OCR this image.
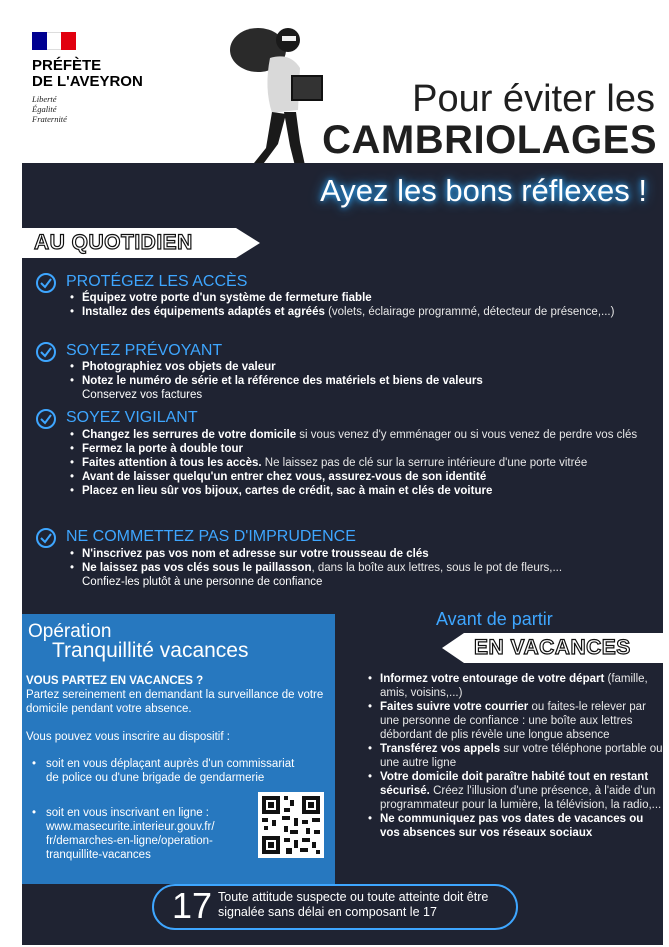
PRÉFÈTE
DE L'AVEYRON
Liberté
Égalité
Fraternité	Pour éviter les
CAMBRIOLAGES
Ayez les bons réflexes !
AU QUOTIDIEN
PROTÉGEZ LES ACCÈS
• Équipez votre porte d'un système de fermeture fiable
• Installez des équipements adaptés et agréés (volets, éclairage programmé, détecteur de présence,...)
SOYEZ PRÉVOYANT
• Photographiez vos objets de valeur
• Notez le numéro de série et la référence des matériels et biens de valeurs
Conservez vos factures
SOYEZ VIGILANT
• Changez les serrures de votre domicile si vous venez d'y emménager ou si vous venez de perdre vos clés
• Fermez la porte à double tour
• Faites attention à tous les accès. Ne laissez pas de clé sur la serrure intérieure d'une porte vitrée
• Avant de laisser quelqu'un entrer chez vous, assurez-vous de son identité
• Placez en lieu sûr vos bijoux, cartes de crédit, sac à main et clés de voiture
NE COMMETTEZ PAS D'IMPRUDENCE
• N'inscrivez pas vos nom et adresse sur votre trousseau de clés
• Ne laissez pas vos clés sous le paillasson, dans la boîte aux lettres, sous le pot de fleurs,...
Confiez-les plutôt à une personne de confiance
Opération
Tranquillité vacances
VOUS PARTEZ EN VACANCES ?
Partez sereinement en demandant la surveillance de votre domicile pendant votre absence.
Vous pouvez vous inscrire au dispositif :
• soit en vous déplaçant auprès d'un commissariat de police ou d'une brigade de gendarmerie
• soit en vous inscrivant en ligne : www.masecurite.interieur.gouv.fr/ fr/demarches-en-ligne/operation-tranquillite-vacances
Avant de partir
EN VACANCES
• Informez votre entourage de votre départ (famille, amis, voisins,...)
• Faites suivre votre courrier ou faites-le relever par une personne de confiance : une boîte aux lettres débordant de plis révèle une longue absence
• Transférez vos appels sur votre téléphone portable ou une autre ligne
• Votre domicile doit paraître habité tout en restant sécurisé. Créez l'illusion d'une présence, à l'aide d'un programmateur pour la lumière, la télévision, la radio,...
• Ne communiquez pas vos dates de vacances ou vos absences sur vos réseaux sociaux
17 Toute attitude suspecte ou toute atteinte doit être signalée sans délai en composant le 17
